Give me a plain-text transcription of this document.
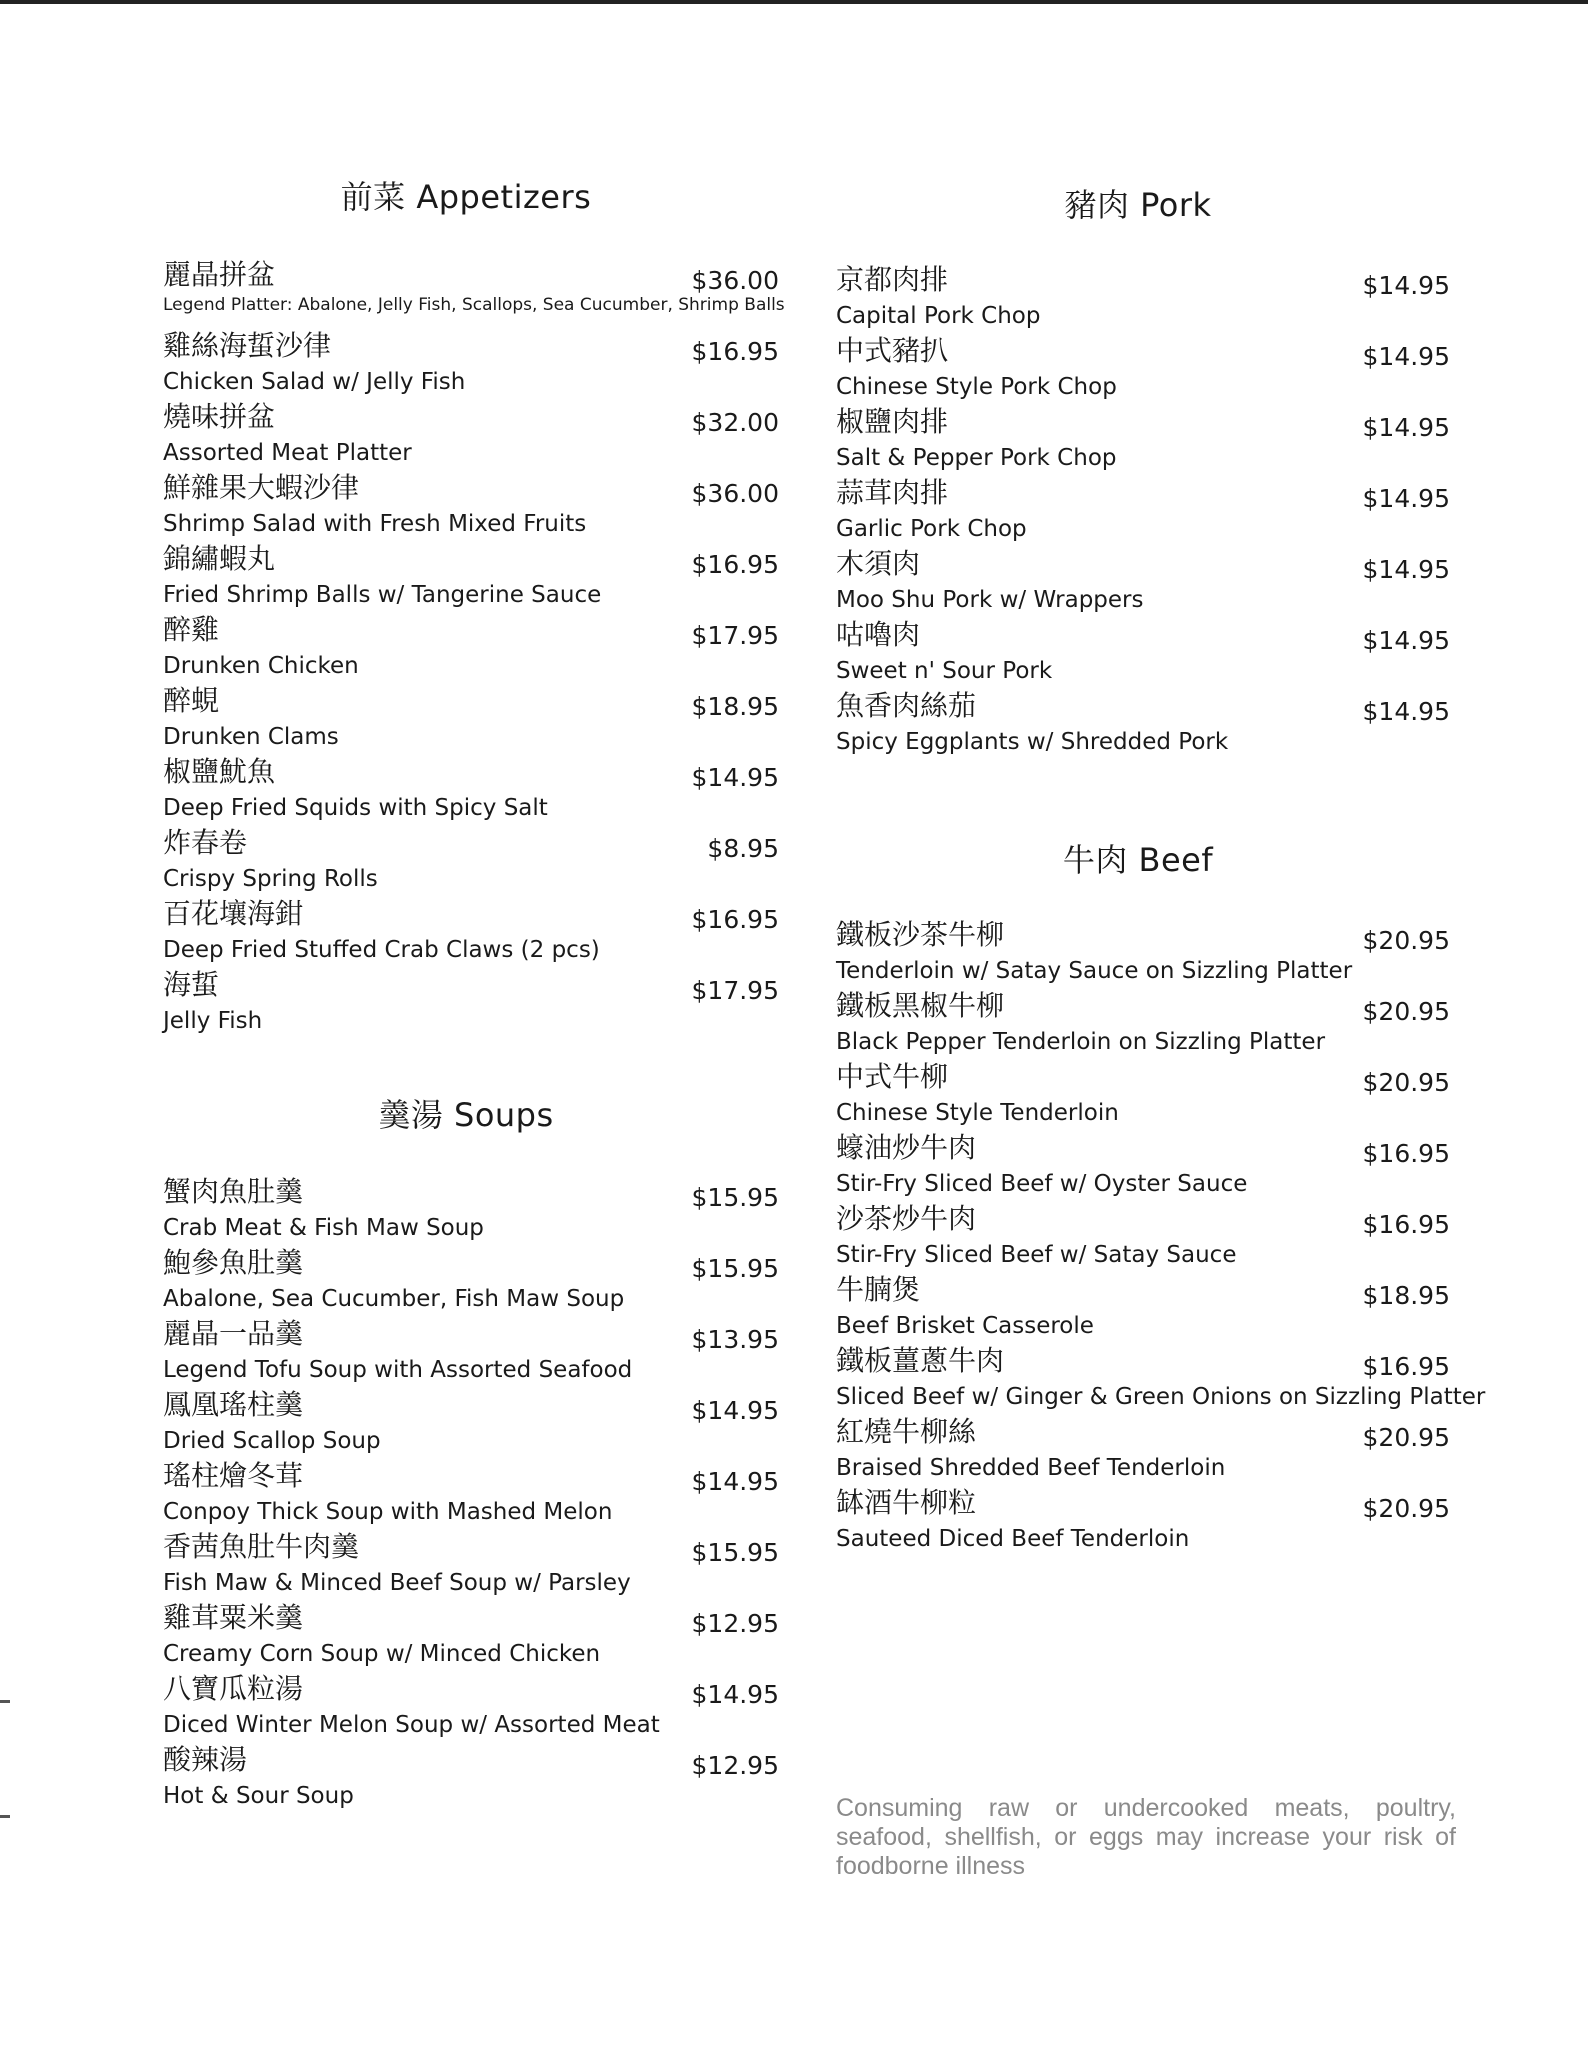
前菜 Appetizers
麗晶拼盆
Legend Platter: Abalone, Jelly Fish, Scallops, Sea Cucumber, Shrimp Balls
$36.00
雞絲海蜇沙律
Chicken Salad w/ Jelly Fish
$16.95
燒味拼盆
Assorted Meat Platter
$32.00
鮮雜果大蝦沙律
Shrimp Salad with Fresh Mixed Fruits
$36.00
錦繡蝦丸
Fried Shrimp Balls w/ Tangerine Sauce
$16.95
醉雞
Drunken Chicken
$17.95
醉蜆
Drunken Clams
$18.95
椒鹽魷魚
Deep Fried Squids with Spicy Salt
$14.95
炸春卷
Crispy Spring Rolls
$8.95
百花壤海鉗
Deep Fried Stuffed Crab Claws (2 pcs)
$16.95
海蜇
Jelly Fish
$17.95
羹湯 Soups
蟹肉魚肚羹
Crab Meat & Fish Maw Soup
$15.95
鮑參魚肚羹
Abalone, Sea Cucumber, Fish Maw Soup
$15.95
麗晶一品羹
Legend Tofu Soup with Assorted Seafood
$13.95
鳳凰瑤柱羹
Dried Scallop Soup
$14.95
瑤柱燴冬茸
Conpoy Thick Soup with Mashed Melon
$14.95
香茜魚肚牛肉羹
Fish Maw & Minced Beef Soup w/ Parsley
$15.95
雞茸粟米羹
Creamy Corn Soup w/ Minced Chicken
$12.95
八寶瓜粒湯
Diced Winter Melon Soup w/ Assorted Meat
$14.95
酸辣湯
Hot & Sour Soup
$12.95
豬肉 Pork
京都肉排
Capital Pork Chop
$14.95
中式豬扒
Chinese Style Pork Chop
$14.95
椒鹽肉排
Salt & Pepper Pork Chop
$14.95
蒜茸肉排
Garlic Pork Chop
$14.95
木須肉
Moo Shu Pork w/ Wrappers
$14.95
咕嚕肉
Sweet n' Sour Pork
$14.95
魚香肉絲茄
Spicy Eggplants w/ Shredded Pork
$14.95
牛肉 Beef
鐵板沙茶牛柳
Tenderloin w/ Satay Sauce on Sizzling Platter
$20.95
鐵板黑椒牛柳
Black Pepper Tenderloin on Sizzling Platter
$20.95
中式牛柳
Chinese Style Tenderloin
$20.95
蠔油炒牛肉
Stir-Fry Sliced Beef w/ Oyster Sauce
$16.95
沙茶炒牛肉
Stir-Fry Sliced Beef w/ Satay Sauce
$16.95
牛腩煲
Beef Brisket Casserole
$18.95
鐵板薑蔥牛肉
Sliced Beef w/ Ginger & Green Onions on Sizzling Platter
$16.95
紅燒牛柳絲
Braised Shredded Beef Tenderloin
$20.95
缽酒牛柳粒
Sauteed Diced Beef Tenderloin
$20.95
Consuming raw or undercooked meats, poultry, seafood, shellfish, or eggs may increase your risk of foodborne illness
